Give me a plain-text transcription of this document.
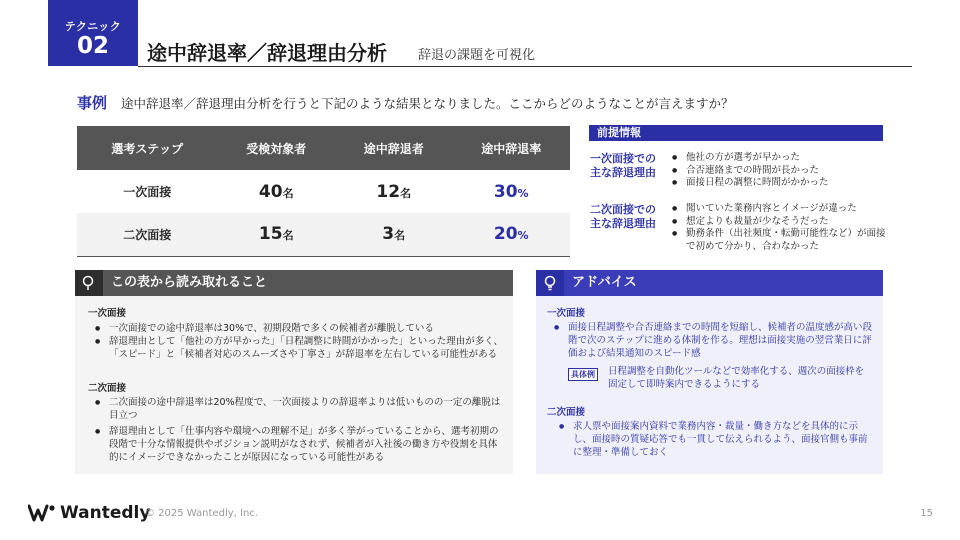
テクニック
02	途中辞退率／辞退理由分析 辞退の課題を可視化
事例 途中辞退率／辞退理由分析を行うと下記のような結果となりました。ここからどのようなことが言えますか？
選考ステップ	受検対象者	途中辞退者	途中辞退率
一次面接	40名	12名	30%
二次面接	15名	3名	20%
前提情報
一次面接での
主な辞退理由
● 他社の方が選考が早かった
● 合否連絡までの時間が長かった
● 面接日程の調整に時間がかかった
二次面接での
主な辞退理由
● 聞いていた業務内容とイメージが違った
● 想定よりも裁量が少なそうだった
● 勤務条件（出社頻度・転勤可能性など）が面接で初めて分かり、合わなかった
この表から読み取れること
一次面接
● 一次面接での途中辞退率は30%で、初期段階で多くの候補者が離脱している
● 辞退理由として「他社の方が早かった」「日程調整に時間がかかった」といった理由が多く、「スピード」と「候補者対応のスムーズさや丁寧さ」が辞退率を左右している可能性がある
二次面接
● 二次面接の途中辞退率は20%程度で、一次面接よりの辞退率よりは低いものの一定の離脱は目立つ
● 辞退理由として「仕事内容や環境への理解不足」が多く挙がっていることから、選考初期の段階で十分な情報提供やポジション説明がなされず、候補者が入社後の働き方や役割を具体的にイメージできなかったことが原因になっている可能性がある
アドバイス
一次面接
● 面接日程調整や合否連絡までの時間を短縮し、候補者の温度感が高い段階で次のステップに進める体制を作る。理想は面接実施の翌営業日に評価および結果通知のスピード感
具体例	日程調整を自動化ツールなどで効率化する、週次の面接枠を固定して即時案内できるようにする
二次面接
● 求人票や面接案内資料で業務内容・裁量・働き方などを具体的に示し、面接時の質疑応答でも一貫して伝えられるよう、面接官側も事前に整理・準備しておく
Wantedly
© 2025 Wantedly, Inc.	15
